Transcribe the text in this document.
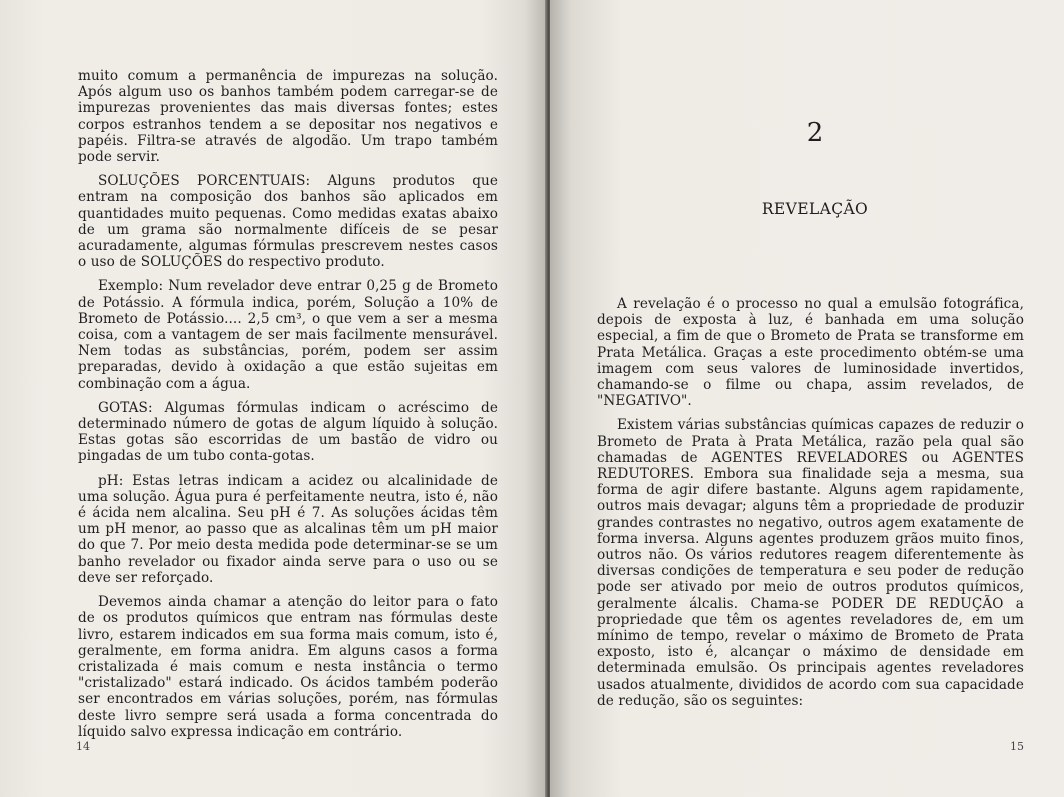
muito comum a permanência de impurezas na solução. Após algum uso os banhos também podem carregar-se de impurezas provenientes das mais diversas fontes; estes corpos estranhos tendem a se depositar nos negativos e papéis. Filtra-se através de algodão. Um trapo também pode servir.

SOLUÇÕES PORCENTUAIS: Alguns produtos que entram na composição dos banhos são aplicados em quantidades muito pequenas. Como medidas exatas abaixo de um grama são normalmente difíceis de se pesar acuradamente, algumas fórmulas prescrevem nestes casos o uso de SOLUÇÕES do respectivo produto.

Exemplo: Num revelador deve entrar 0,25 g de Brometo de Potássio. A fórmula indica, porém, Solução a 10% de Brometo de Potássio.... 2,5 cm³, o que vem a ser a mesma coisa, com a vantagem de ser mais facilmente mensurável. Nem todas as substâncias, porém, podem ser assim preparadas, devido à oxidação a que estão sujeitas em combinação com a água.

GOTAS: Algumas fórmulas indicam o acréscimo de determinado número de gotas de algum líquido à solução. Estas gotas são escorridas de um bastão de vidro ou pingadas de um tubo conta-gotas.

pH: Estas letras indicam a acidez ou alcalinidade de uma solução. Água pura é perfeitamente neutra, isto é, não é ácida nem alcalina. Seu pH é 7. As soluções ácidas têm um pH menor, ao passo que as alcalinas têm um pH maior do que 7. Por meio desta medida pode determinar-se se um banho revelador ou fixador ainda serve para o uso ou se deve ser reforçado.

Devemos ainda chamar a atenção do leitor para o fato de os produtos químicos que entram nas fórmulas deste livro, estarem indicados em sua forma mais comum, isto é, geralmente, em forma anidra. Em alguns casos a forma cristalizada é mais comum e nesta instância o termo "cristalizado" estará indicado. Os ácidos também poderão ser encontrados em várias soluções, porém, nas fórmulas deste livro sempre será usada a forma concentrada do líquido salvo expressa indicação em contrário.

14
2
REVELAÇÃO

A revelação é o processo no qual a emulsão fotográfica, depois de exposta à luz, é banhada em uma solução especial, a fim de que o Brometo de Prata se transforme em Prata Metálica. Graças a este procedimento obtém-se uma imagem com seus valores de luminosidade invertidos, chamando-se o filme ou chapa, assim revelados, de "NEGATIVO".

Existem várias substâncias químicas capazes de reduzir o Brometo de Prata à Prata Metálica, razão pela qual são chamadas de AGENTES REVELADORES ou AGENTES REDUTORES. Embora sua finalidade seja a mesma, sua forma de agir difere bastante. Alguns agem rapidamente, outros mais devagar; alguns têm a propriedade de produzir grandes contrastes no negativo, outros agem exatamente de forma inversa. Alguns agentes produzem grãos muito finos, outros não. Os vários redutores reagem diferentemente às diversas condições de temperatura e seu poder de redução pode ser ativado por meio de outros produtos químicos, geralmente álcalis. Chama-se PODER DE REDUÇÃO a propriedade que têm os agentes reveladores de, em um mínimo de tempo, revelar o máximo de Brometo de Prata exposto, isto é, alcançar o máximo de densidade em determinada emulsão. Os principais agentes reveladores usados atualmente, divididos de acordo com sua capacidade de redução, são os seguintes:

15
